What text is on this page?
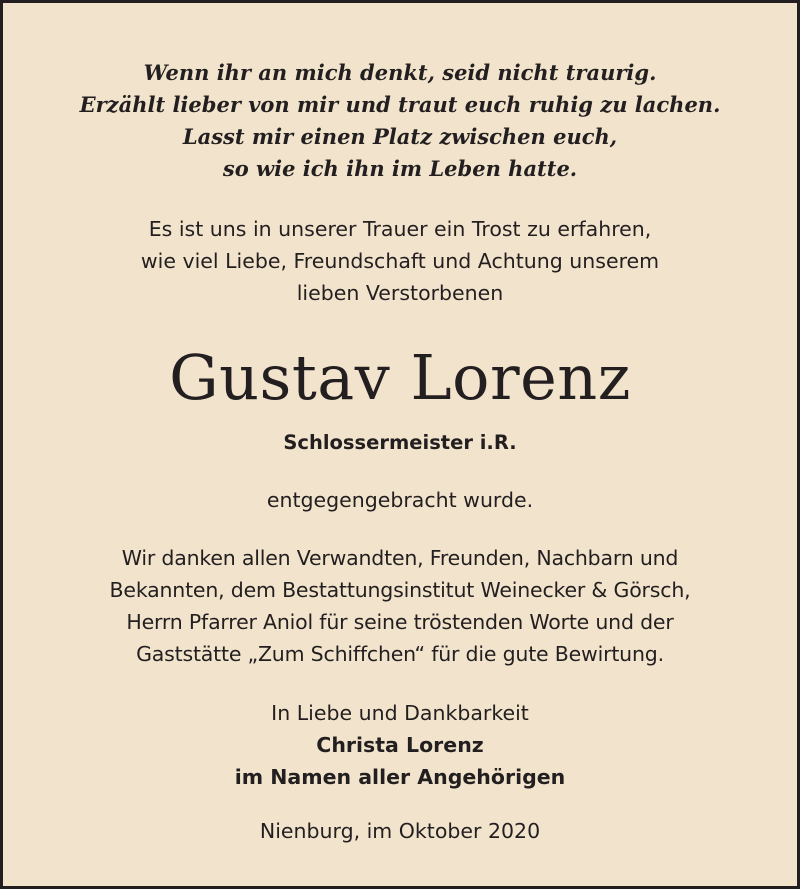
Wenn ihr an mich denkt, seid nicht traurig.
Erzählt lieber von mir und traut euch ruhig zu lachen.
Lasst mir einen Platz zwischen euch,
so wie ich ihn im Leben hatte.
Es ist uns in unserer Trauer ein Trost zu erfahren,
wie viel Liebe, Freundschaft und Achtung unserem
lieben Verstorbenen
Gustav Lorenz
Schlossermeister i.R.
entgegengebracht wurde.
Wir danken allen Verwandten, Freunden, Nachbarn und
Bekannten, dem Bestattungsinstitut Weinecker & Görsch,
Herrn Pfarrer Aniol für seine tröstenden Worte und der
Gaststätte „Zum Schiffchen“ für die gute Bewirtung.
In Liebe und Dankbarkeit
Christa Lorenz
im Namen aller Angehörigen
Nienburg, im Oktober 2020
